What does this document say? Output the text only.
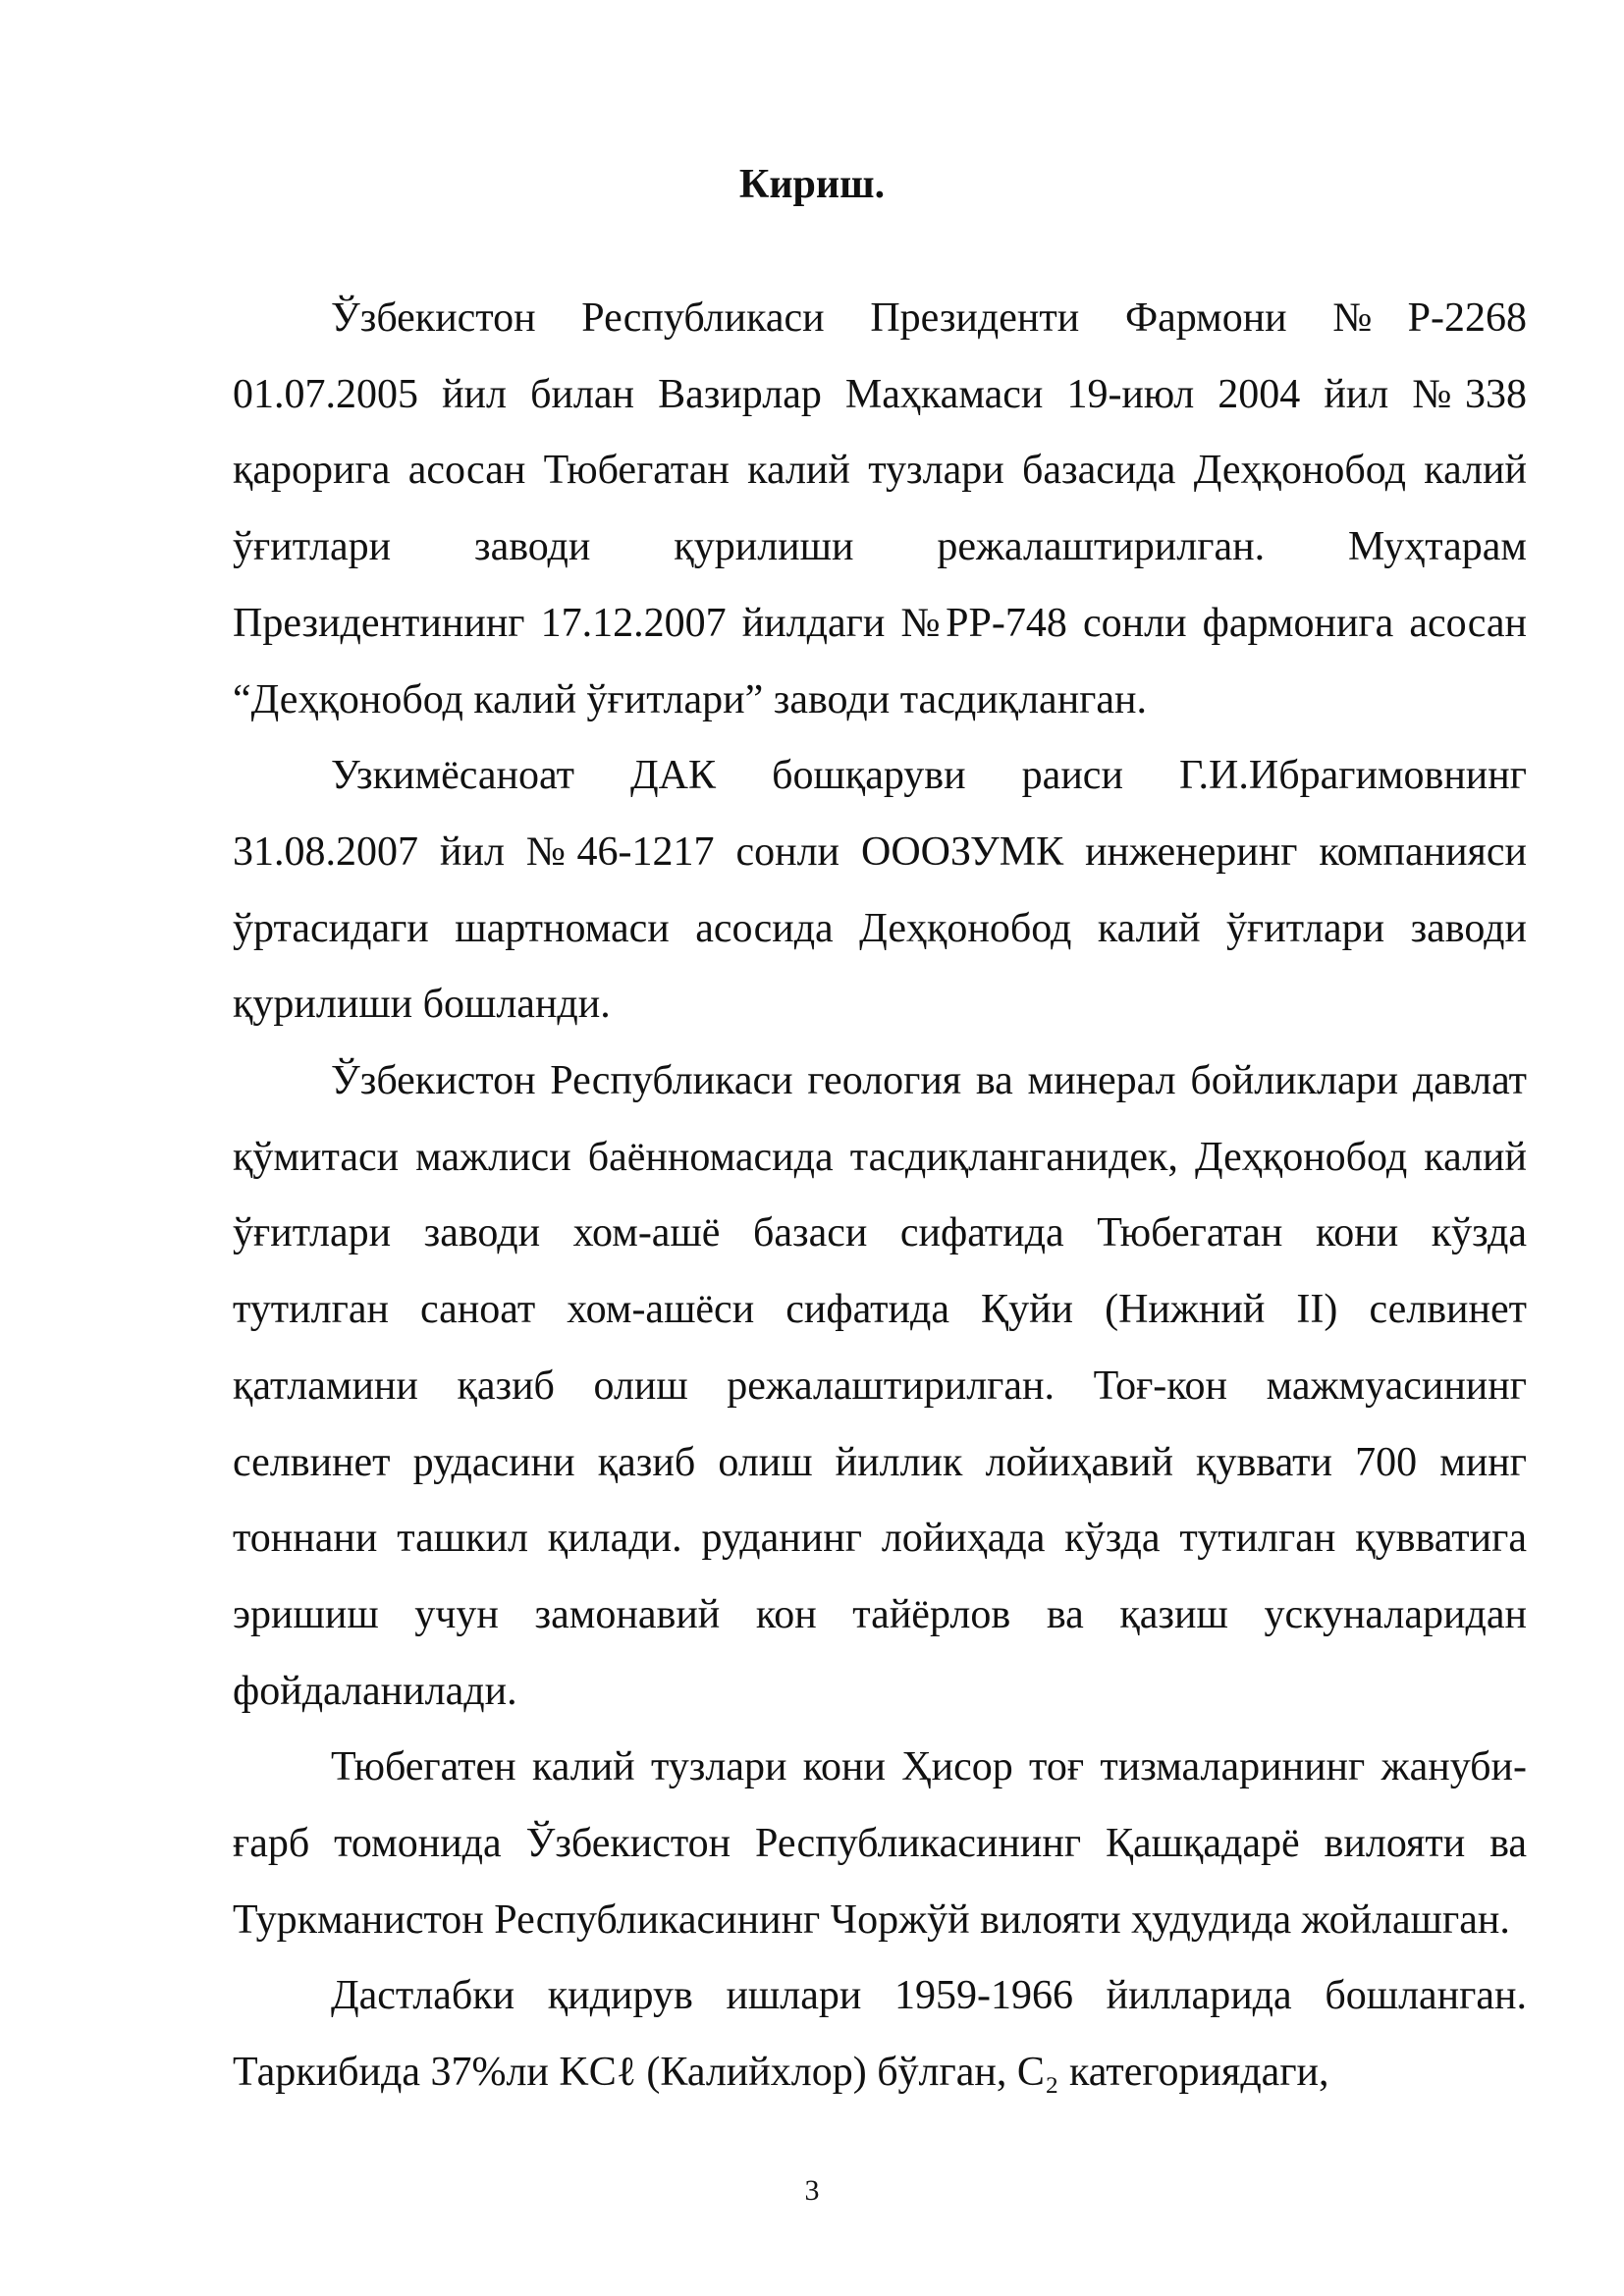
Кириш.

Ўзбекистон Республикаси Президенти Фармони №Р-2268 01.07.2005 йил билан Вазирлар Маҳкамаси 19-июл 2004 йил №338 қарорига асосан Тюбегатан калий тузлари базасида Деҳқонобод калий ўғитлари заводи қурилиши режалаштирилган. Муҳтарам Президентининг 17.12.2007 йилдаги №РР-748 сонли фармонига асосан “Деҳқонобод калий ўғитлари” заводи тасдиқланган.

Узкимёсаноат ДАК бошқаруви раиси Г.И.Ибрагимовнинг 31.08.2007 йил №46-1217 сонли ОООЗУМК инженеринг компанияси ўртасидаги шартномаси асосида Деҳқонобод калий ўғитлари заводи қурилиши бошланди.

Ўзбекистон Республикаси геология ва минерал бойликлари давлат қўмитаси мажлиси баённомасида тасдиқланганидек, Деҳқонобод калий ўғитлари заводи хом-ашё базаси сифатида Тюбегатан кони кўзда тутилган саноат хом-ашёси сифатида Қуйи (Нижний II) селвинет қатламини қазиб олиш режалаштирилган. Тоғ-кон мажмуасининг селвинет рудасини қазиб олиш йиллик лойиҳавий қуввати 700 минг тоннани ташкил қилади. руданинг лойиҳада кўзда тутилган қувватига эришиш учун замонавий кон тайёрлов ва қазиш ускуналаридан фойдаланилади.

Тюбегатен калий тузлари кони Ҳисор тоғ тизмаларининг жануби-ғарб томонида Ўзбекистон Республикасининг Қашқадарё вилояти ва Туркманистон Республикасининг Чоржўй вилояти ҳудудида жойлашган.

Дастлабки қидирув ишлари 1959-1966 йилларида бошланган. Таркибида 37%ли KCℓ (Калийхлор) бўлган, C₂ категориядаги,

3
